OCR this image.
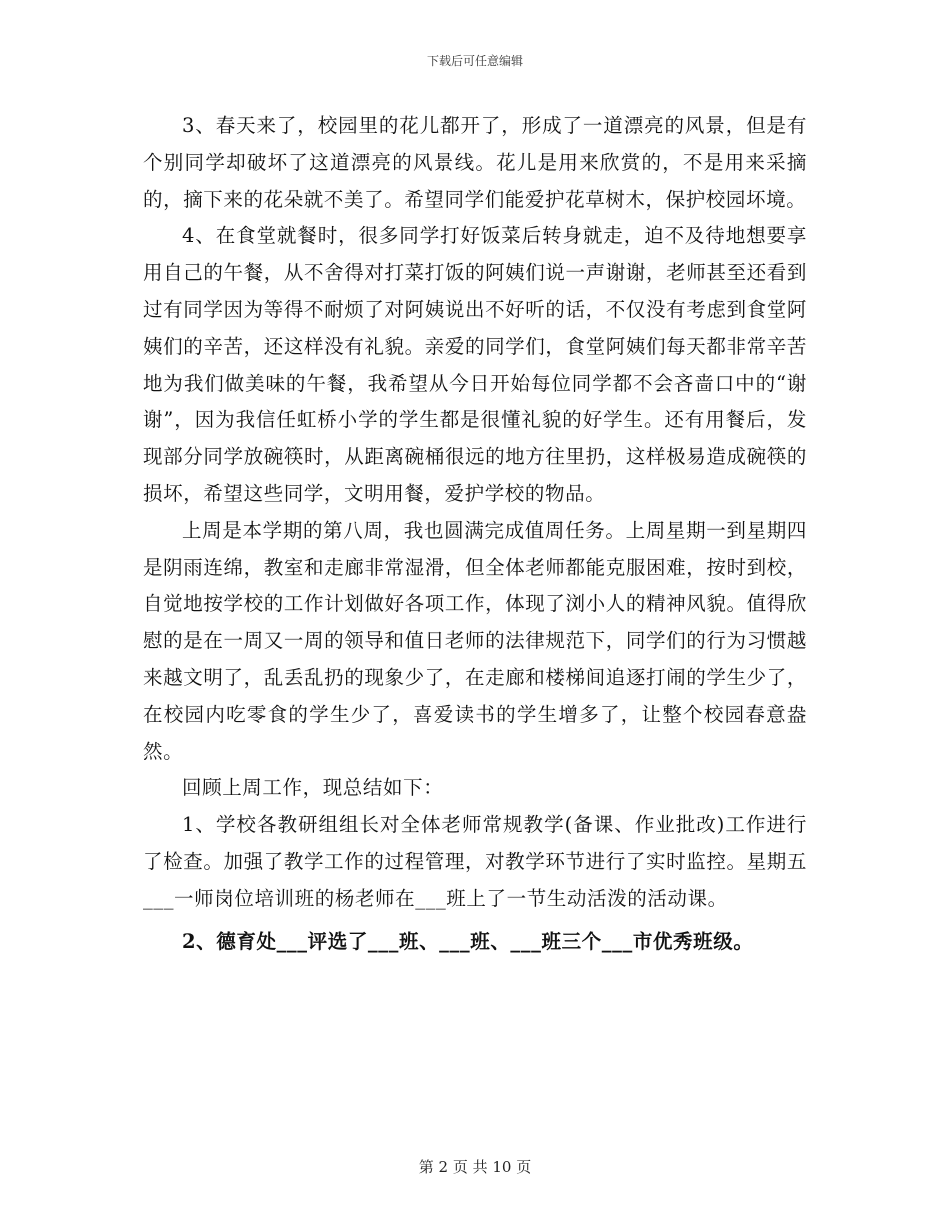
下载后可任意编辑

3、春天来了，校园里的花儿都开了，形成了一道漂亮的风景，但是有个别同学却破坏了这道漂亮的风景线。花儿是用来欣赏的，不是用来采摘的，摘下来的花朵就不美了。希望同学们能爱护花草树木，保护校园坏境。

4、在食堂就餐时，很多同学打好饭菜后转身就走，迫不及待地想要享用自己的午餐，从不舍得对打菜打饭的阿姨们说一声谢谢，老师甚至还看到过有同学因为等得不耐烦了对阿姨说出不好听的话，不仅没有考虑到食堂阿姨们的辛苦，还这样没有礼貌。亲爱的同学们，食堂阿姨们每天都非常辛苦地为我们做美味的午餐，我希望从今日开始每位同学都不会吝啬口中的“谢谢”，因为我信任虹桥小学的学生都是很懂礼貌的好学生。还有用餐后，发现部分同学放碗筷时，从距离碗桶很远的地方往里扔，这样极易造成碗筷的损坏，希望这些同学，文明用餐，爱护学校的物品。

上周是本学期的第八周，我也圆满完成值周任务。上周星期一到星期四是阴雨连绵，教室和走廊非常湿滑，但全体老师都能克服困难，按时到校，自觉地按学校的工作计划做好各项工作，体现了浏小人的精神风貌。值得欣慰的是在一周又一周的领导和值日老师的法律规范下，同学们的行为习惯越来越文明了，乱丢乱扔的现象少了，在走廊和楼梯间追逐打闹的学生少了，在校园内吃零食的学生少了，喜爱读书的学生增多了，让整个校园春意盎然。

回顾上周工作，现总结如下：

1、学校各教研组组长对全体老师常规教学(备课、作业批改)工作进行了检查。加强了教学工作的过程管理，对教学环节进行了实时监控。星期五___一师岗位培训班的杨老师在___班上了一节生动活泼的活动课。

2、德育处___评选了___班、___班、___班三个___市优秀班级。

第 2 页 共 10 页
